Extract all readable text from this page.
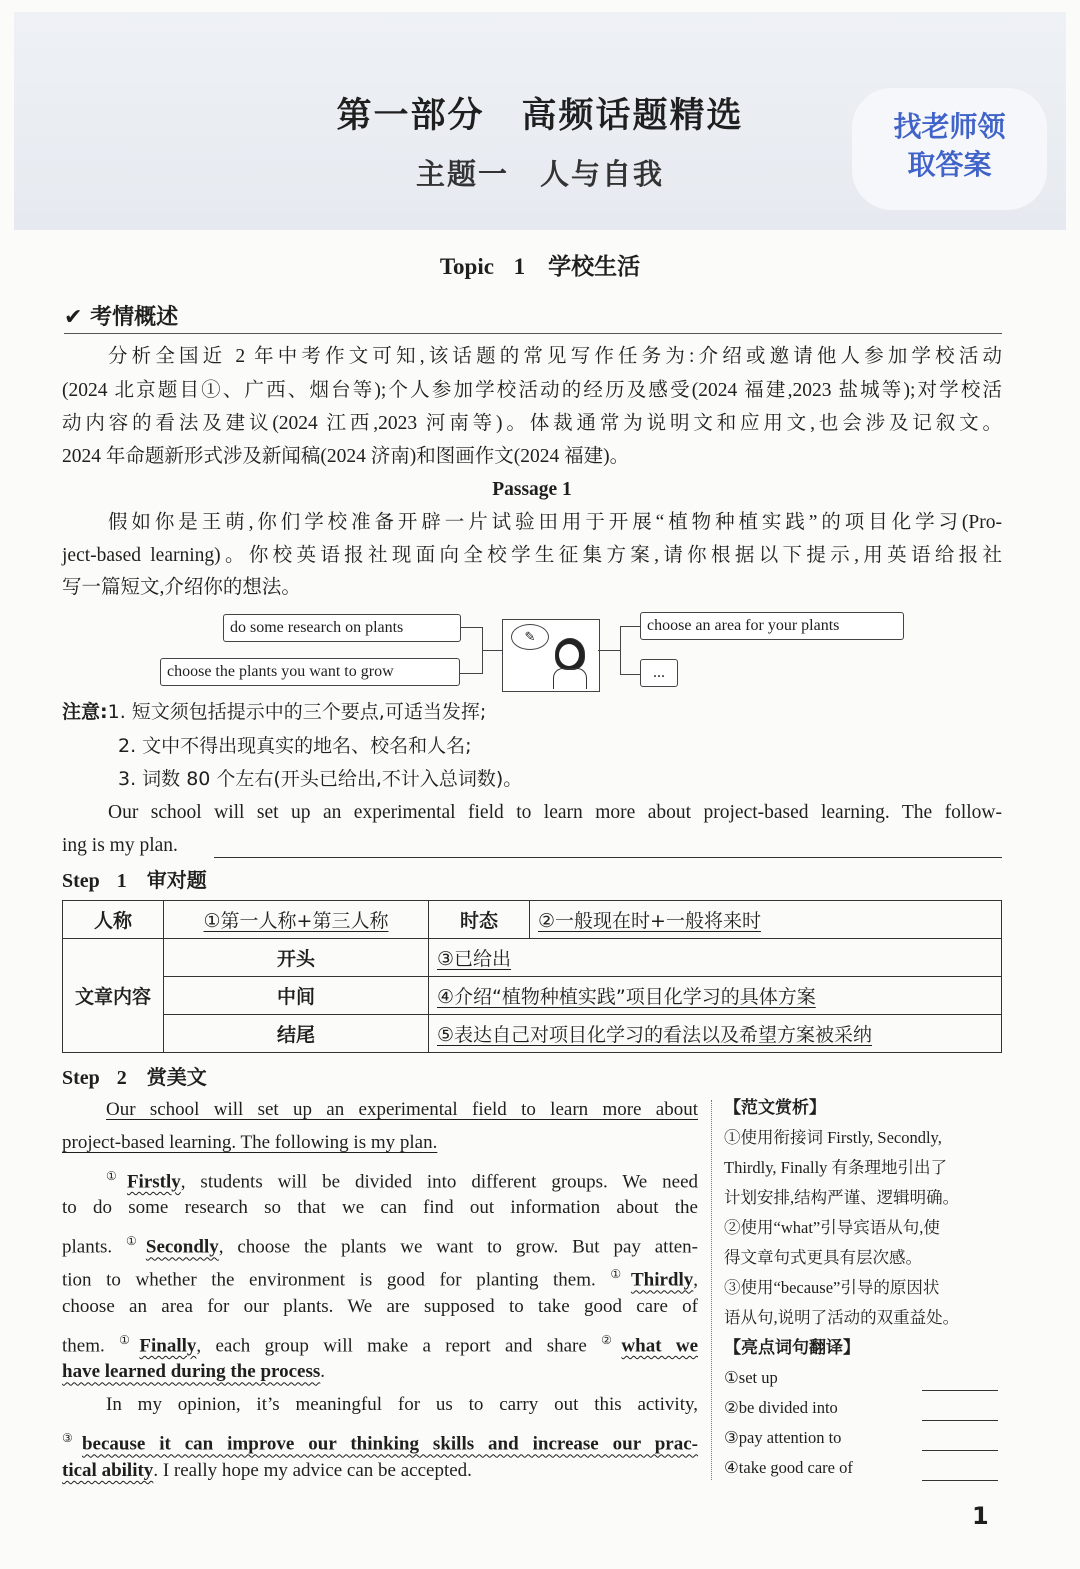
第一部分　高频话题精选
主题一　人与自我
找老师领
取答案
Topic 1　学校生活
✔ 考情概述
分析全国近 2 年中考作文可知,该话题的常见写作任务为:介绍或邀请他人参加学校活动
(2024 北京题目①、广西、烟台等);个人参加学校活动的经历及感受(2024 福建,2023 盐城等);对学校活
动内容的看法及建议(2024 江西,2023 河南等)。体裁通常为说明文和应用文,也会涉及记叙文。
2024 年命题新形式涉及新闻稿(2024 济南)和图画作文(2024 福建)。
Passage 1
假如你是王萌,你们学校准备开辟一片试验田用于开展“植物种植实践”的项目化学习(Pro-
ject-based learning)。你校英语报社现面向全校学生征集方案,请你根据以下提示,用英语给报社
写一篇短文,介绍你的想法。
do some research on plants
choose the plants you want to grow
✎
choose an area for your plants
...
注意:1. 短文须包括提示中的三个要点,可适当发挥;
2. 文中不得出现真实的地名、校名和人名;
3. 词数 80 个左右(开头已给出,不计入总词数)。
Our school will set up an experimental field to learn more about project-based learning. The follow-
ing is my plan.
Step 1　审对题
人称	①第一人称+第三人称	时态	②一般现在时+一般将来时
文章内容	开头	③已给出	
	中间	④介绍“植物种植实践”项目化学习的具体方案	
	结尾	⑤表达自己对项目化学习的看法以及希望方案被采纳	
Step 2　赏美文
Our school will set up an experimental field to learn more about
project-based learning. The following is my plan.
①Firstly, students will be divided into different groups. We need
to do some research so that we can find out information about the
plants. ①Secondly, choose the plants we want to grow. But pay atten-
tion to whether the environment is good for planting them. ①Thirdly,
choose an area for our plants. We are supposed to take good care of
them. ①Finally, each group will make a report and share ②what we
have learned during the process.
In my opinion, it’s meaningful for us to carry out this activity,
③because it can improve our thinking skills and increase our prac-
tical ability. I really hope my advice can be accepted.
【范文赏析】
①使用衔接词 Firstly, Secondly,
Thirdly, Finally 有条理地引出了
计划安排,结构严谨、逻辑明确。
②使用“what”引导宾语从句,使
得文章句式更具有层次感。
③使用“because”引导的原因状
语从句,说明了活动的双重益处。
【亮点词句翻译】
①set up
②be divided into
③pay attention to
④take good care of
1
